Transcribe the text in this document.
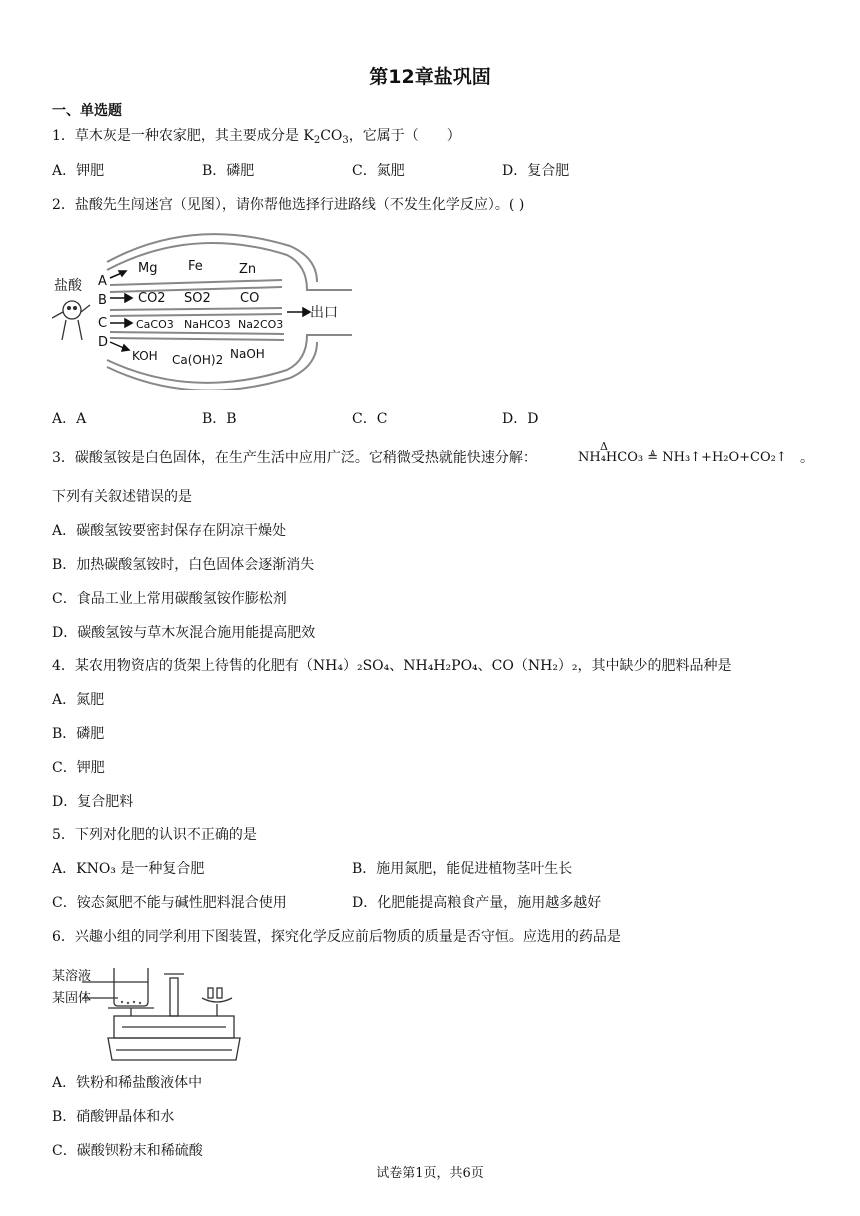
第12章盐巩固
一、单选题
1．草木灰是一种农家肥，其主要成分是 $K_2CO_3$，它属于（　　）
A．钾肥	B．磷肥	C．氮肥	D．复合肥
2．盐酸先生闯迷宫（见图），请你帮他选择行进路线（不发生化学反应）。( )
盐酸 A
B
C
D
出口
Mg Fe	Zn
CO2 SO2 CO
CaCO3 NaHCO3 Na2CO3
KOH Ca(OH)2 NaOH
A．A	B．B	C．C	D．D
3．碳酸氢铵是白色固体，在生产生活中应用广泛。它稍微受热就能快速分解：
Δ
NH₄HCO₃ ≜ NH₃↑+H₂O+CO₂↑ 。
下列有关叙述错误的是
A．碳酸氢铵要密封保存在阴凉干燥处
B．加热碳酸氢铵时，白色固体会逐渐消失
C．食品工业上常用碳酸氢铵作膨松剂
D．碳酸氢铵与草木灰混合施用能提高肥效
4．某农用物资店的货架上待售的化肥有（NH₄）₂SO₄、NH₄H₂PO₄、CO（NH₂）₂，其中缺少的肥料品种是
A．氮肥
B．磷肥
C．钾肥
D．复合肥料
5．下列对化肥的认识不正确的是
A．KNO₃ 是一种复合肥	B．施用氮肥，能促进植物茎叶生长
C．铵态氮肥不能与碱性肥料混合使用	D．化肥能提高粮食产量，施用越多越好
6．兴趣小组的同学利用下图装置，探究化学反应前后物质的质量是否守恒。应选用的药品是
某溶液
某固体
A．铁粉和稀盐酸液体中
B．硝酸钾晶体和水
C．碳酸钡粉末和稀硫酸
试卷第1页，共6页
